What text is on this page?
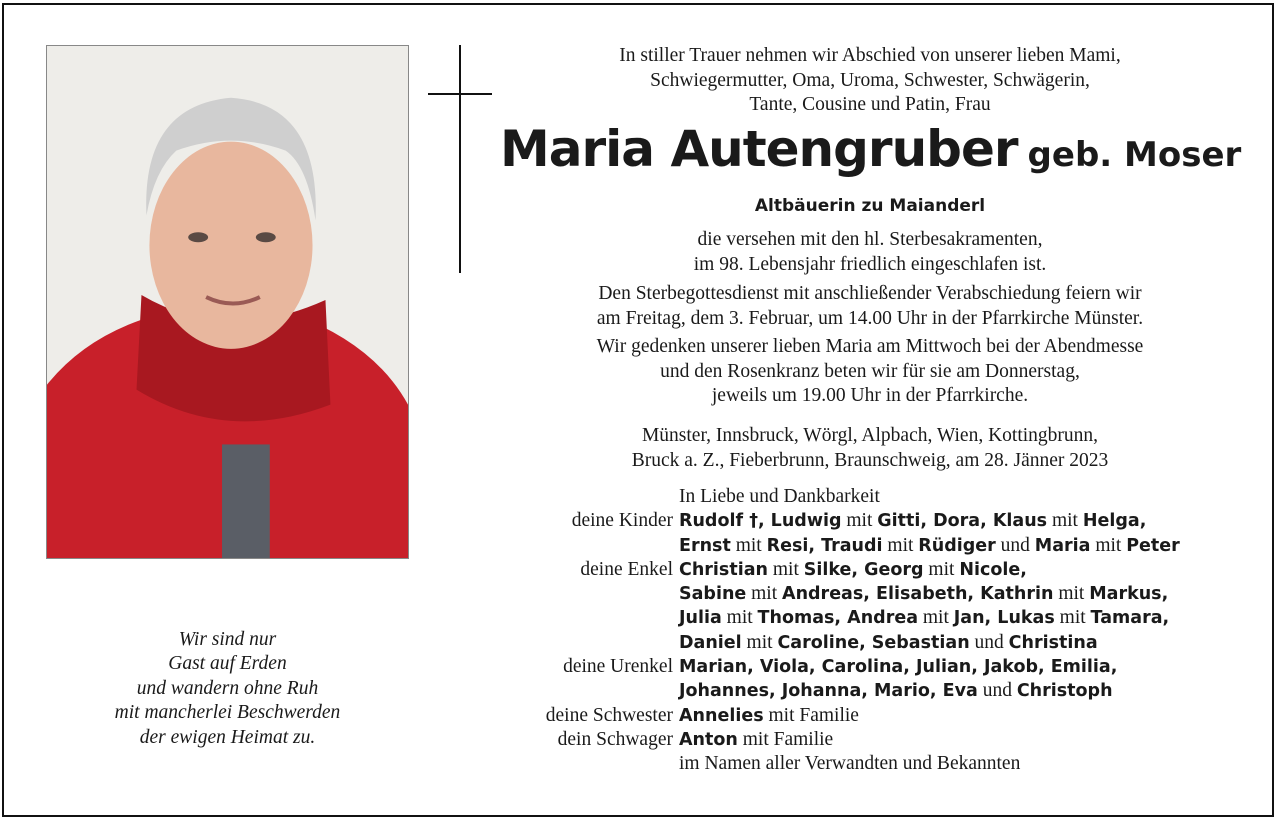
Wir sind nur
Gast auf Erden
und wandern ohne Ruh
mit mancherlei Beschwerden
der ewigen Heimat zu.
In stiller Trauer nehmen wir Abschied von unserer lieben Mami,
Schwiegermutter, Oma, Uroma, Schwester, Schwägerin,
Tante, Cousine und Patin, Frau
Maria Autengruber geb. Moser
Altbäuerin zu Maianderl
die versehen mit den hl. Sterbesakramenten,
im 98. Lebensjahr friedlich eingeschlafen ist.
Den Sterbegottesdienst mit anschließender Verabschiedung feiern wir
am Freitag, dem 3. Februar, um 14.00 Uhr in der Pfarrkirche Münster.
Wir gedenken unserer lieben Maria am Mittwoch bei der Abendmesse
und den Rosenkranz beten wir für sie am Donnerstag,
jeweils um 19.00 Uhr in der Pfarrkirche.
Münster, Innsbruck, Wörgl, Alpbach, Wien, Kottingbrunn,
Bruck a. Z., Fieberbrunn, Braunschweig, am 28. Jänner 2023
In Liebe und Dankbarkeit
deine Kinder Rudolf †, Ludwig mit Gitti, Dora, Klaus mit Helga,
Ernst mit Resi, Traudi mit Rüdiger und Maria mit Peter
deine Enkel Christian mit Silke, Georg mit Nicole,
Sabine mit Andreas, Elisabeth, Kathrin mit Markus,
Julia mit Thomas, Andrea mit Jan, Lukas mit Tamara,
Daniel mit Caroline, Sebastian und Christina
deine Urenkel Marian, Viola, Carolina, Julian, Jakob, Emilia,
Johannes, Johanna, Mario, Eva und Christoph
deine Schwester Annelies mit Familie
dein Schwager Anton mit Familie
im Namen aller Verwandten und Bekannten
